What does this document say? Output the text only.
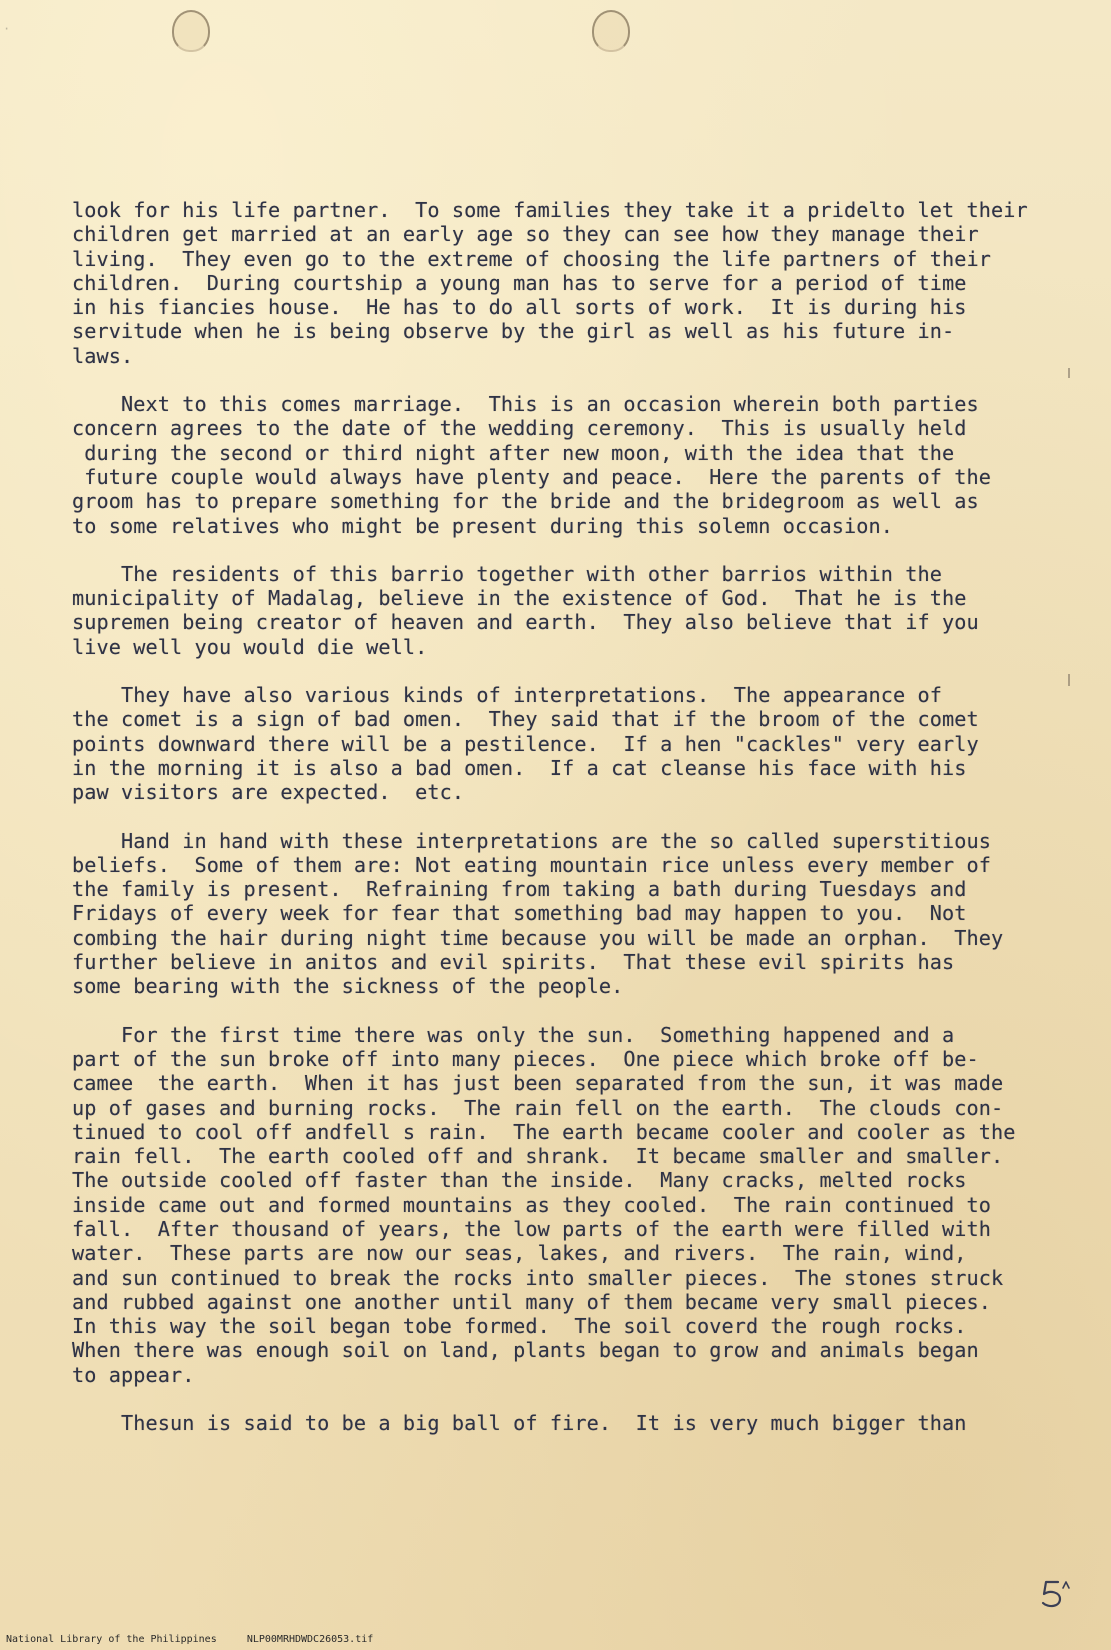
·
look for his life partner.  To some families they take it a pridelto let their
children get married at an early age so they can see how they manage their
living.  They even go to the extreme of choosing the life partners of their
children.  During courtship a young man has to serve for a period of time
in his fiancies house.  He has to do all sorts of work.  It is during his
servitude when he is being observe by the girl as well as his future in-
laws.
Next to this comes marriage.  This is an occasion wherein both parties
concern agrees to the date of the wedding ceremony.  This is usually held
during the second or third night after new moon, with the idea that the
future couple would always have plenty and peace.  Here the parents of the
groom has to prepare something for the bride and the bridegroom as well as
to some relatives who might be present during this solemn occasion.
The residents of this barrio together with other barrios within the
municipality of Madalag, believe in the existence of God.  That he is the
supremen being creator of heaven and earth.  They also believe that if you
live well you would die well.
They have also various kinds of interpretations.  The appearance of
the comet is a sign of bad omen.  They said that if the broom of the comet
points downward there will be a pestilence.  If a hen "cackles" very early
in the morning it is also a bad omen.  If a cat cleanse his face with his
paw visitors are expected.  etc.
Hand in hand with these interpretations are the so called superstitious
beliefs.  Some of them are: Not eating mountain rice unless every member of
the family is present.  Refraining from taking a bath during Tuesdays and
Fridays of every week for fear that something bad may happen to you.  Not
combing the hair during night time because you will be made an orphan.  They
further believe in anitos and evil spirits.  That these evil spirits has
some bearing with the sickness of the people.
For the first time there was only the sun.  Something happened and a
part of the sun broke off into many pieces.  One piece which broke off be-
camee  the earth.  When it has just been separated from the sun, it was made
up of gases and burning rocks.  The rain fell on the earth.  The clouds con-
tinued to cool off andfell s rain.  The earth became cooler and cooler as the
rain fell.  The earth cooled off and shrank.  It became smaller and smaller.
The outside cooled off faster than the inside.  Many cracks, melted rocks
inside came out and formed mountains as they cooled.  The rain continued to
fall.  After thousand of years, the low parts of the earth were filled with
water.  These parts are now our seas, lakes, and rivers.  The rain, wind,
and sun continued to break the rocks into smaller pieces.  The stones struck
and rubbed against one another until many of them became very small pieces.
In this way the soil began tobe formed.  The soil coverd the rough rocks.
When there was enough soil on land, plants began to grow and animals began
to appear.
Thesun is said to be a big ball of fire.  It is very much bigger than
National Library of the Philippines     NLP00MRHDWDC26053.tif
